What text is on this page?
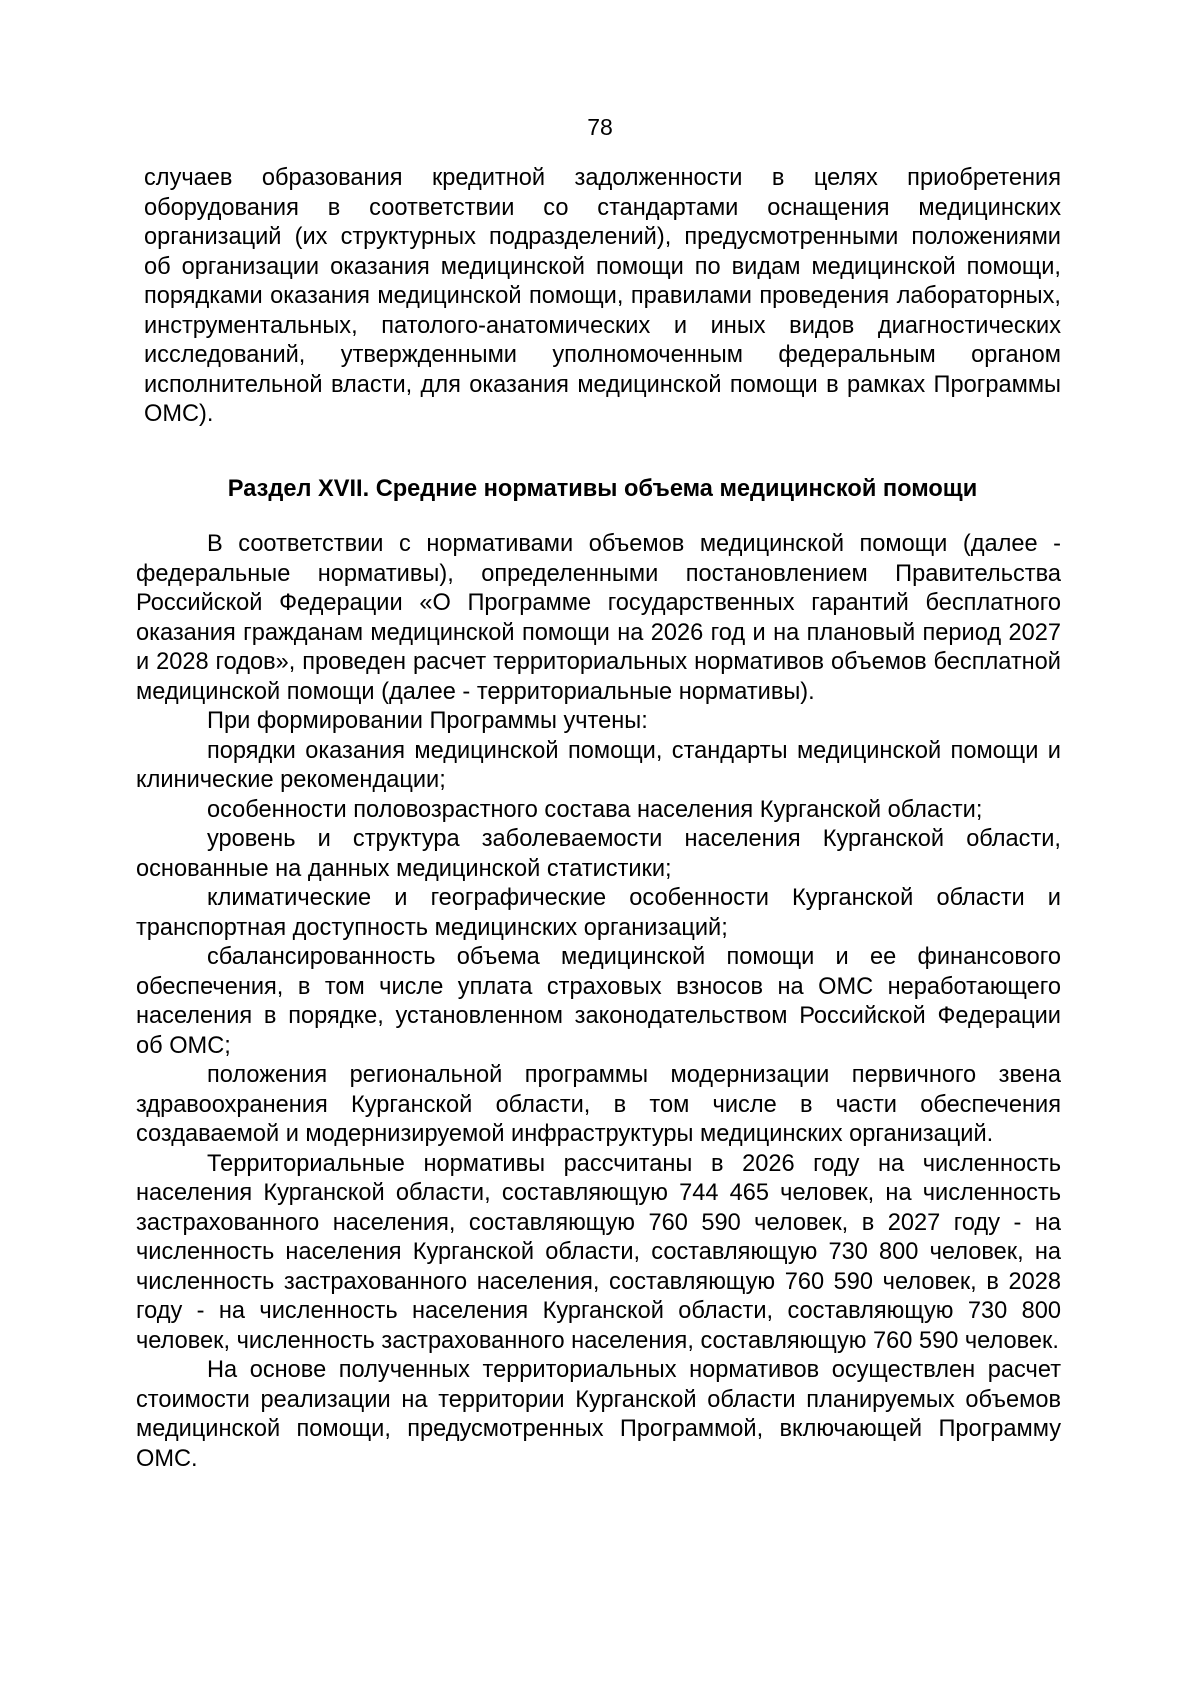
78

случаев образования кредитной задолженности в целях приобретения оборудования в соответствии со стандартами оснащения медицинских организаций (их структурных подразделений), предусмотренными положениями об организации оказания медицинской помощи по видам медицинской помощи, порядками оказания медицинской помощи, правилами проведения лабораторных, инструментальных, патолого-анатомических и иных видов диагностических исследований, утвержденными уполномоченным федеральным органом исполнительной власти, для оказания медицинской помощи в рамках Программы ОМС).

Раздел XVII. Средние нормативы объема медицинской помощи

В соответствии с нормативами объемов медицинской помощи (далее - федеральные нормативы), определенными постановлением Правительства Российской Федерации «О Программе государственных гарантий бесплатного оказания гражданам медицинской помощи на 2026 год и на плановый период 2027 и 2028 годов», проведен расчет территориальных нормативов объемов бесплатной медицинской помощи (далее - территориальные нормативы).

При формировании Программы учтены:

порядки оказания медицинской помощи, стандарты медицинской помощи и клинические рекомендации;

особенности половозрастного состава населения Курганской области;

уровень и структура заболеваемости населения Курганской области, основанные на данных медицинской статистики;

климатические и географические особенности Курганской области и транспортная доступность медицинских организаций;

сбалансированность объема медицинской помощи и ее финансового обеспечения, в том числе уплата страховых взносов на ОМС неработающего населения в порядке, установленном законодательством Российской Федерации об ОМС;

положения региональной программы модернизации первичного звена здравоохранения Курганской области, в том числе в части обеспечения создаваемой и модернизируемой инфраструктуры медицинских организаций.

Территориальные нормативы рассчитаны в 2026 году на численность населения Курганской области, составляющую 744 465 человек, на численность застрахованного населения, составляющую 760 590 человек, в 2027 году - на численность населения Курганской области, составляющую 730 800 человек, на численность застрахованного населения, составляющую 760 590 человек, в 2028 году - на численность населения Курганской области, составляющую 730 800 человек, численность застрахованного населения, составляющую 760 590 человек.

На основе полученных территориальных нормативов осуществлен расчет стоимости реализации на территории Курганской области планируемых объемов медицинской помощи, предусмотренных Программой, включающей Программу ОМС.
